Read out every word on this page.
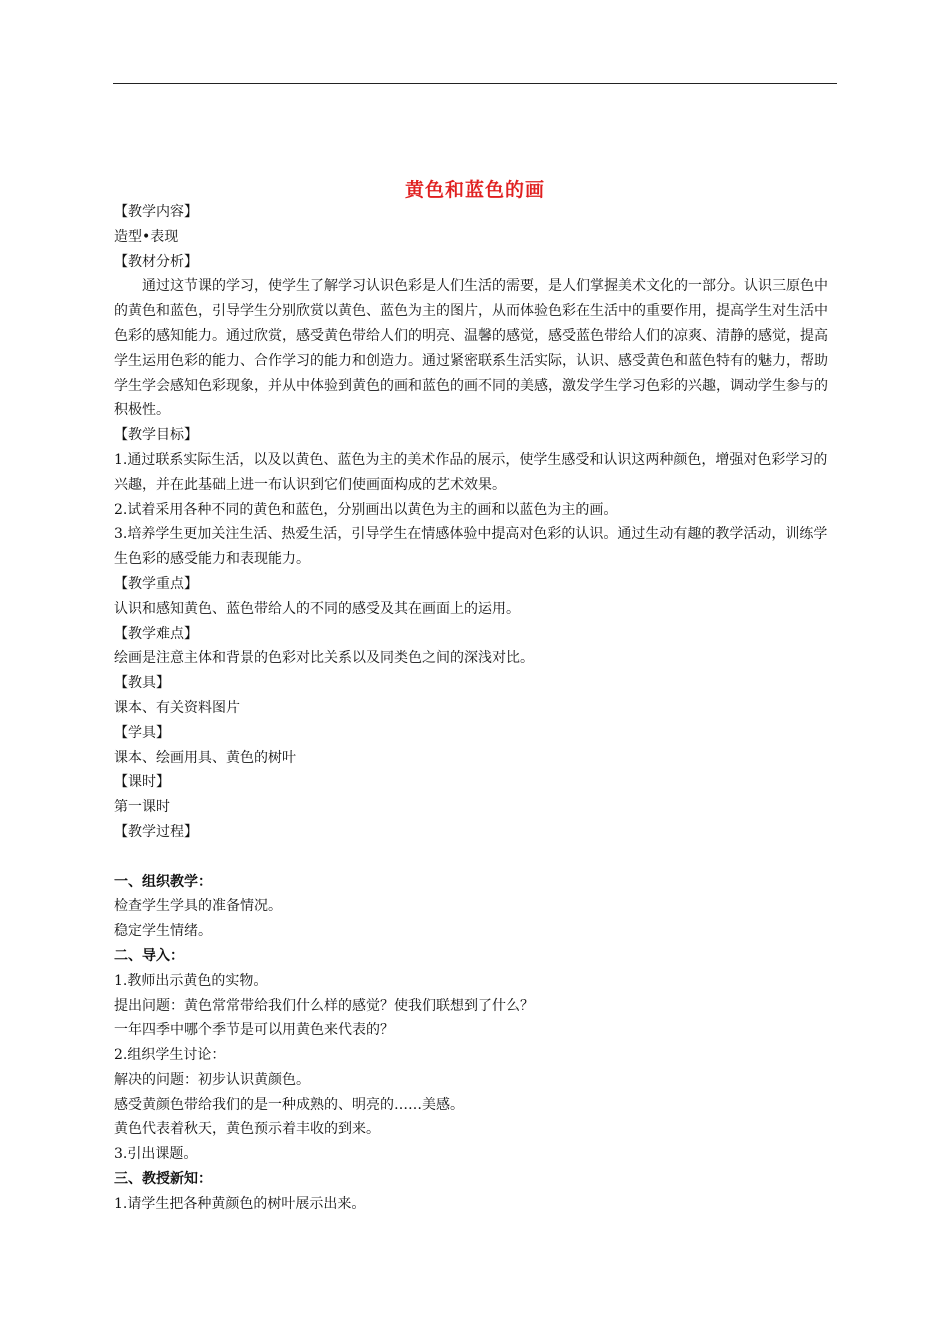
黄色和蓝色的画

【教学内容】

造型•表现

【教材分析】

通过这节课的学习，使学生了解学习认识色彩是人们生活的需要，是人们掌握美术文化的一部分。认识三原色中的黄色和蓝色，引导学生分别欣赏以黄色、蓝色为主的图片，从而体验色彩在生活中的重要作用，提高学生对生活中色彩的感知能力。通过欣赏，感受黄色带给人们的明亮、温馨的感觉，感受蓝色带给人们的凉爽、清静的感觉，提高学生运用色彩的能力、合作学习的能力和创造力。通过紧密联系生活实际，认识、感受黄色和蓝色特有的魅力，帮助学生学会感知色彩现象，并从中体验到黄色的画和蓝色的画不同的美感，激发学生学习色彩的兴趣，调动学生参与的积极性。

【教学目标】

1.通过联系实际生活，以及以黄色、蓝色为主的美术作品的展示，使学生感受和认识这两种颜色，增强对色彩学习的兴趣，并在此基础上进一布认识到它们使画面构成的艺术效果。

2.试着采用各种不同的黄色和蓝色，分别画出以黄色为主的画和以蓝色为主的画。

3.培养学生更加关注生活、热爱生活，引导学生在情感体验中提高对色彩的认识。通过生动有趣的教学活动，训练学生色彩的感受能力和表现能力。

【教学重点】

认识和感知黄色、蓝色带给人的不同的感受及其在画面上的运用。

【教学难点】

绘画是注意主体和背景的色彩对比关系以及同类色之间的深浅对比。

【教具】

课本、有关资料图片

【学具】

课本、绘画用具、黄色的树叶

【课时】

第一课时

【教学过程】

一、组织教学：

检查学生学具的准备情况。

稳定学生情绪。

二、导入：

1.教师出示黄色的实物。

提出问题：黄色常常带给我们什么样的感觉？使我们联想到了什么？

一年四季中哪个季节是可以用黄色来代表的？

2.组织学生讨论：

解决的问题：初步认识黄颜色。

感受黄颜色带给我们的是一种成熟的、明亮的……美感。

黄色代表着秋天，黄色预示着丰收的到来。

3.引出课题。

三、教授新知：

1.请学生把各种黄颜色的树叶展示出来。
